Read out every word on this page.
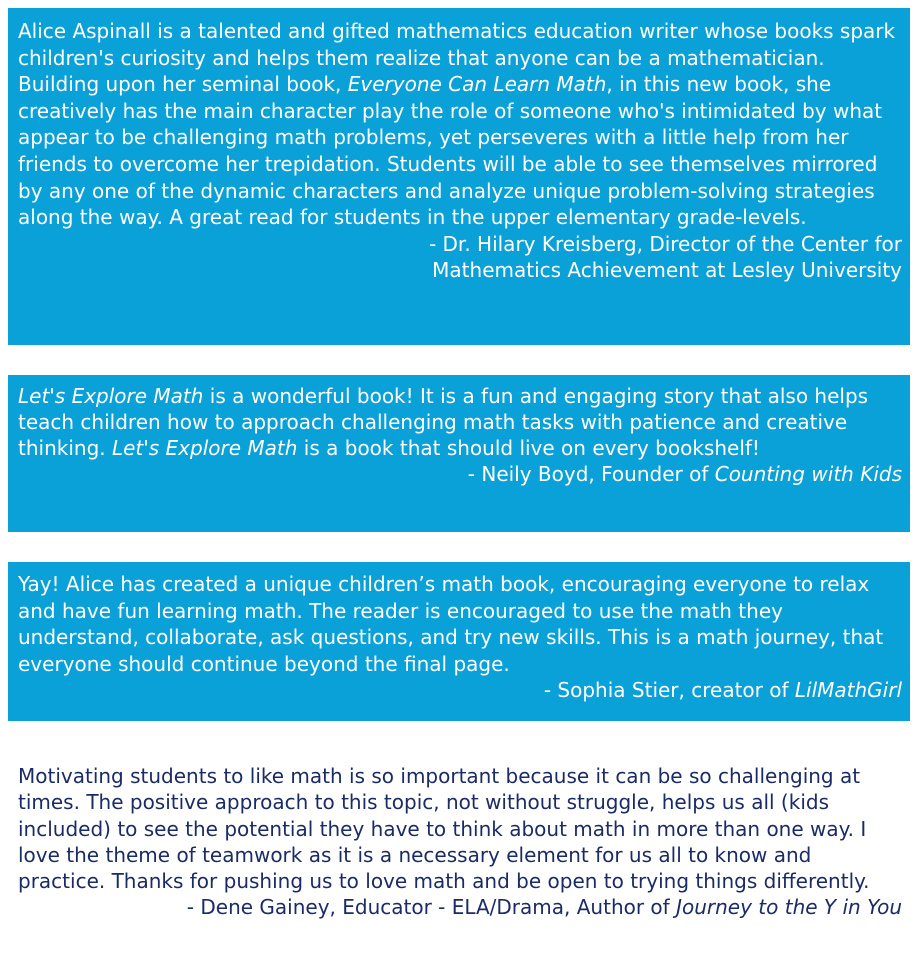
Alice Aspinall is a talented and gifted mathematics education writer whose books spark children's curiosity and helps them realize that anyone can be a mathematician. Building upon her seminal book, Everyone Can Learn Math, in this new book, she creatively has the main character play the role of someone who's intimidated by what appear to be challenging math problems, yet perseveres with a little help from her friends to overcome her trepidation. Students will be able to see themselves mirrored by any one of the dynamic characters and analyze unique problem-solving strategies along the way. A great read for students in the upper elementary grade-levels.

- Dr. Hilary Kreisberg, Director of the Center for
Mathematics Achievement at Lesley University

Let's Explore Math is a wonderful book! It is a fun and engaging story that also helps teach children how to approach challenging math tasks with patience and creative thinking. Let's Explore Math is a book that should live on every bookshelf!

- Neily Boyd, Founder of Counting with Kids

Yay! Alice has created a unique children’s math book, encouraging everyone to relax and have fun learning math. The reader is encouraged to use the math they understand, collaborate, ask questions, and try new skills. This is a math journey, that everyone should continue beyond the final page.

- Sophia Stier, creator of LilMathGirl

Motivating students to like math is so important because it can be so challenging at times. The positive approach to this topic, not without struggle, helps us all (kids included) to see the potential they have to think about math in more than one way. I love the theme of teamwork as it is a necessary element for us all to know and practice. Thanks for pushing us to love math and be open to trying things differently.

- Dene Gainey, Educator - ELA/Drama, Author of Journey to the Y in You
